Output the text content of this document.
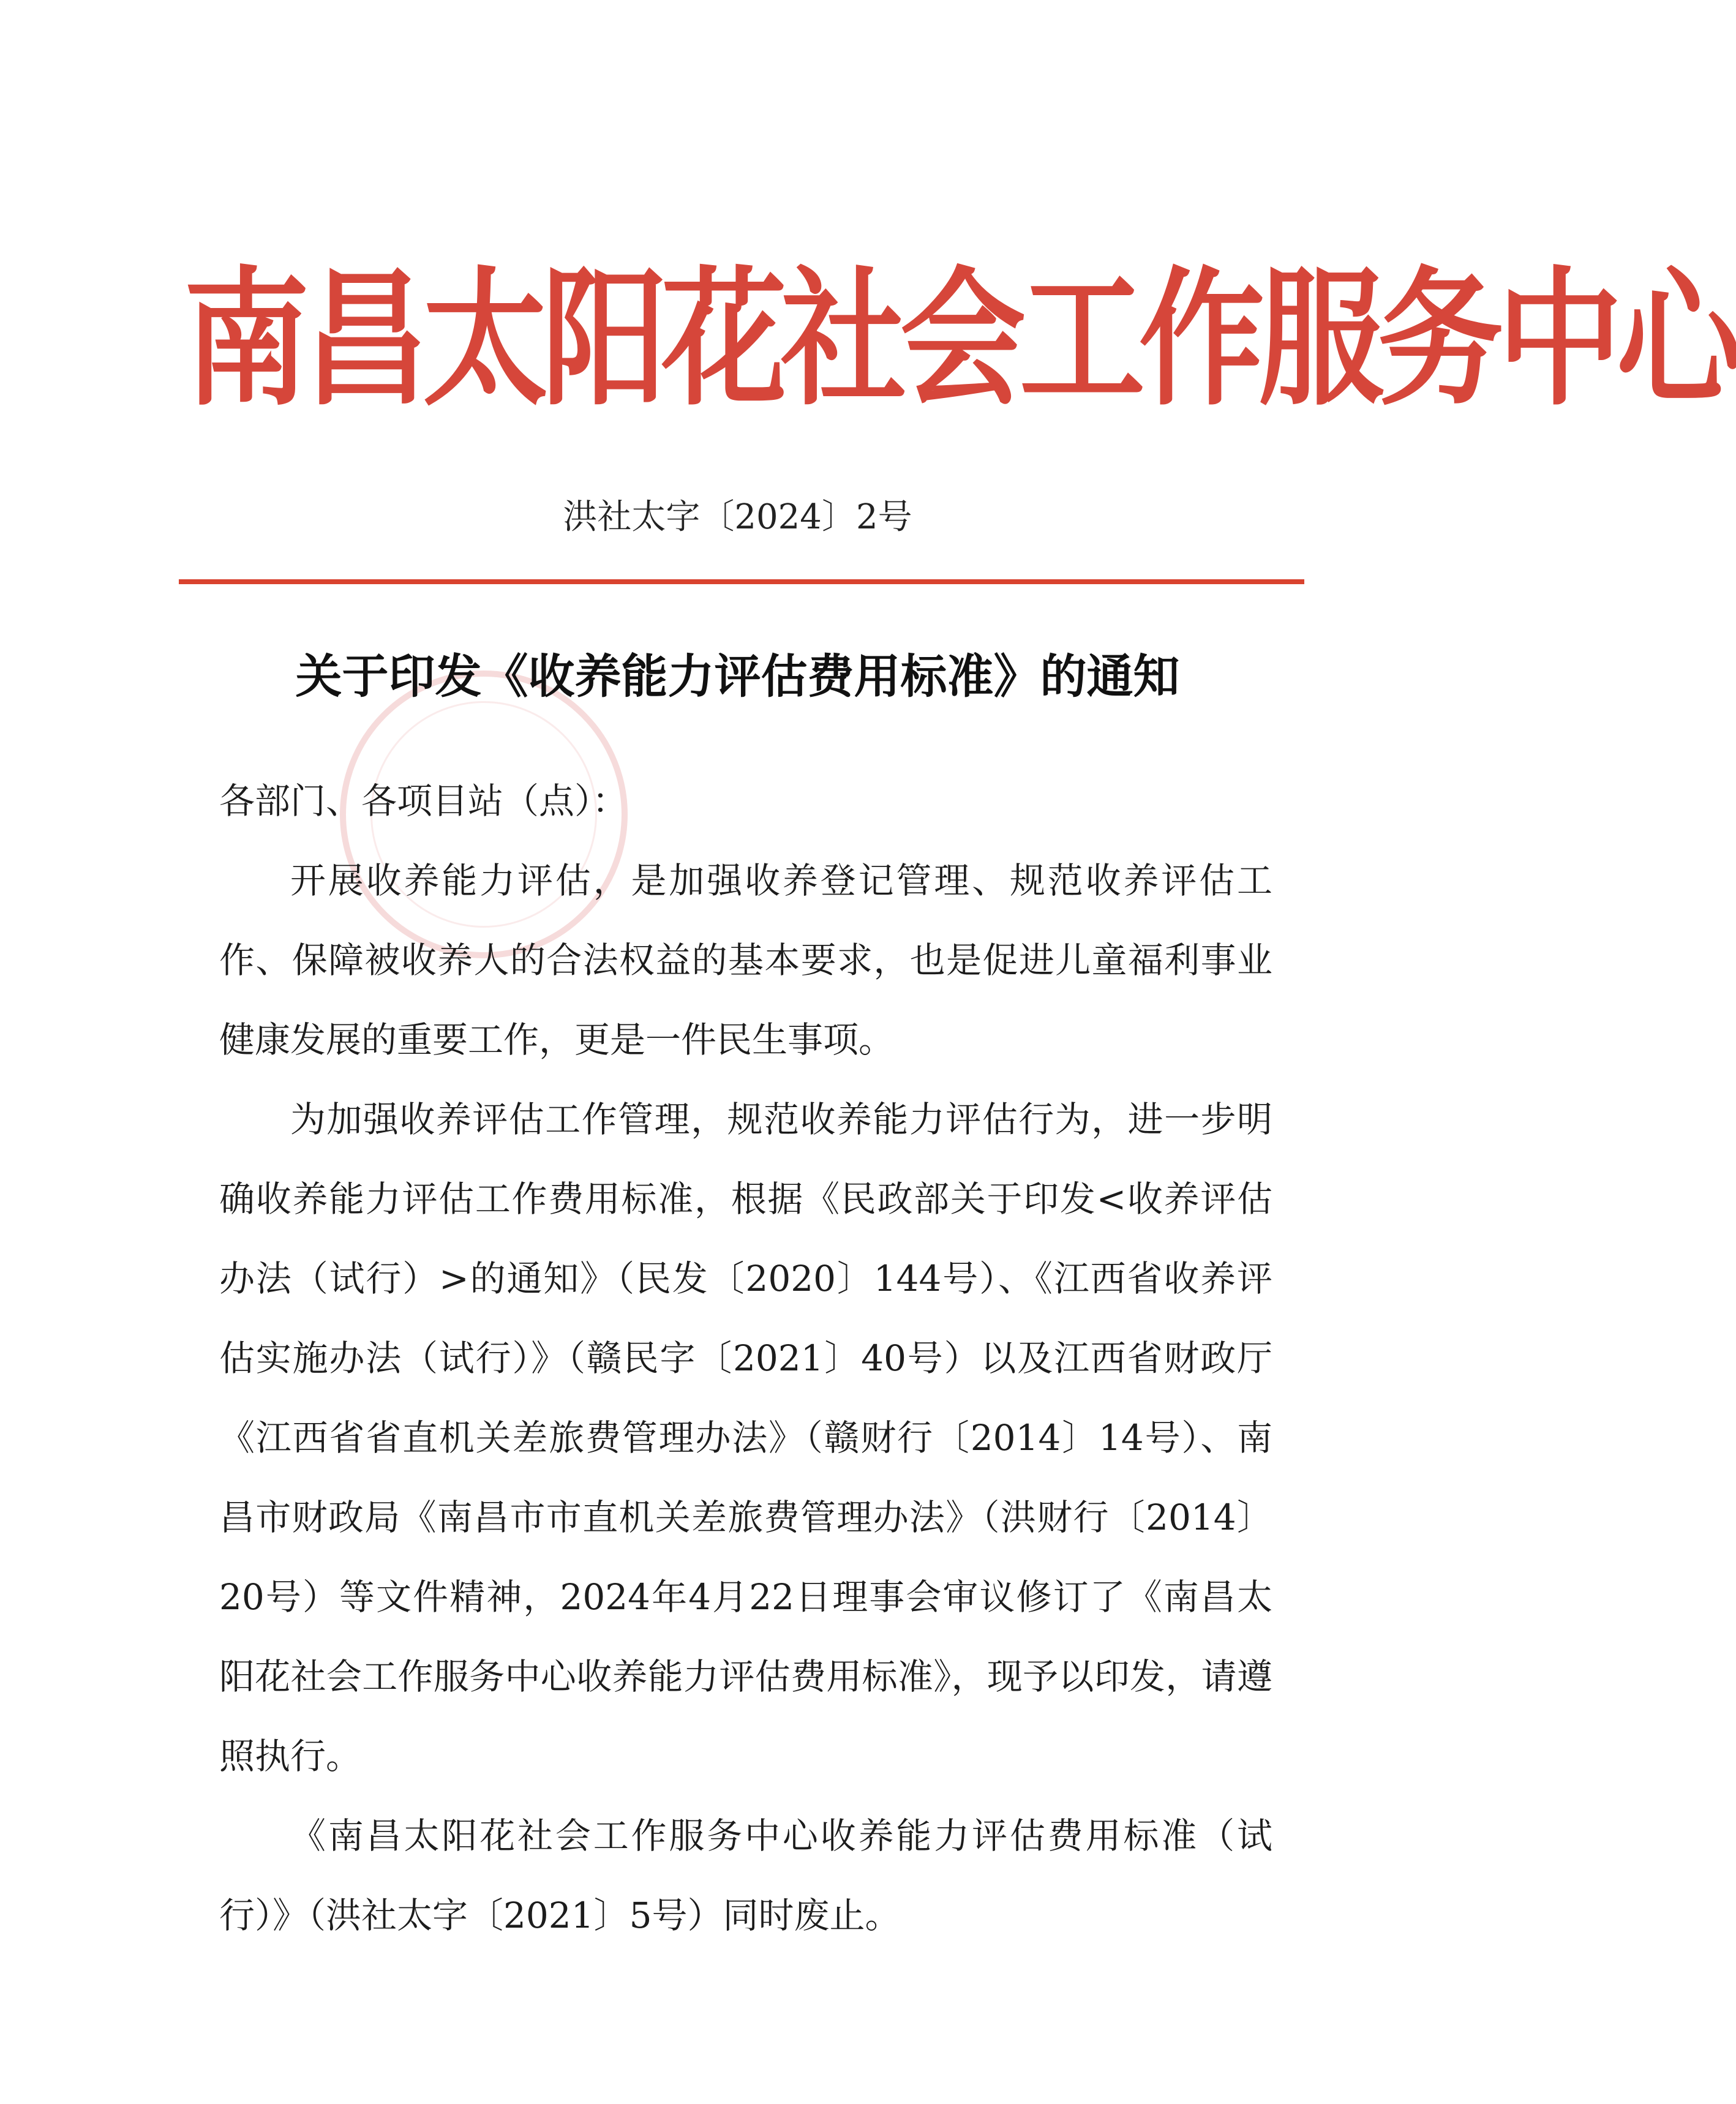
南昌太阳花社会工作服务中心
洪社太字〔2024〕2号
关于印发《收养能力评估费用标准》的通知

各部门、各项目站（点）：

开展收养能力评估，是加强收养登记管理、规范收养评估工作、保障被收养人的合法权益的基本要求，也是促进儿童福利事业健康发展的重要工作，更是一件民生事项。

为加强收养评估工作管理，规范收养能力评估行为，进一步明确收养能力评估工作费用标准，根据《民政部关于印发<收养评估办法（试行）>的通知》（民发〔2020〕144号）、《江西省收养评估实施办法（试行）》（赣民字〔2021〕40号）以及江西省财政厅《江西省省直机关差旅费管理办法》（赣财行〔2014〕14号）、南昌市财政局《南昌市市直机关差旅费管理办法》（洪财行〔2014〕20号）等文件精神，2024年4月22日理事会审议修订了《南昌太阳花社会工作服务中心收养能力评估费用标准》，现予以印发，请遵照执行。

《南昌太阳花社会工作服务中心收养能力评估费用标准（试行）》（洪社太字〔2021〕5号）同时废止。
